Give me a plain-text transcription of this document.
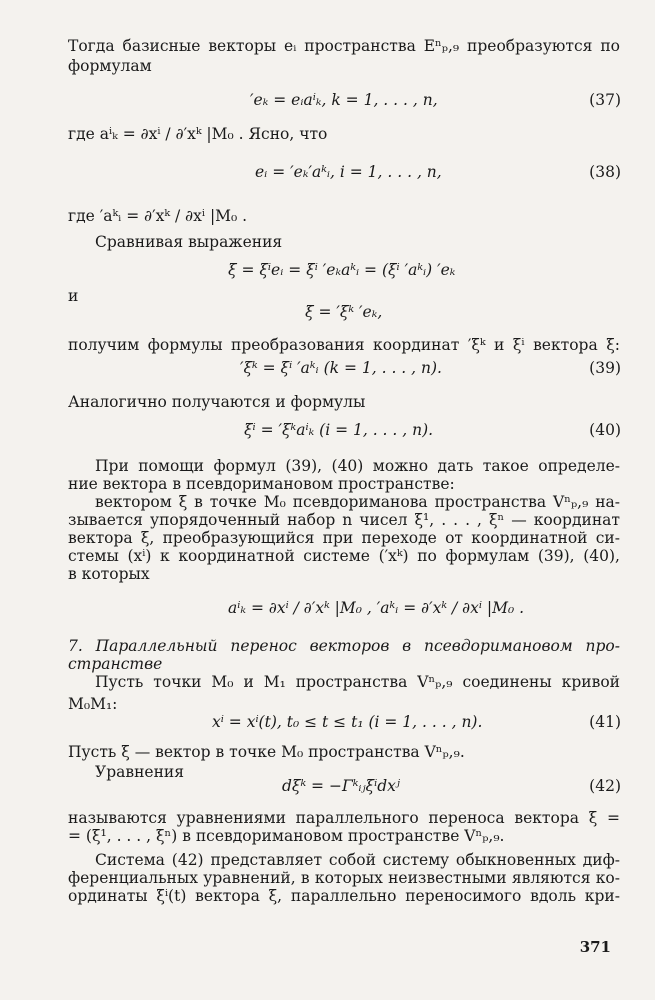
Тогда базисные векторы eᵢ пространства Eⁿₚ,₉ преобразуются по
формулам
′eₖ = eᵢaⁱₖ, k = 1, . . . , n,	(37)
где aⁱₖ = ∂xⁱ / ∂′xᵏ |M₀ . Ясно, что
eᵢ = ′eₖ′aᵏᵢ, i = 1, . . . , n,	(38)
где ′aᵏᵢ = ∂′xᵏ / ∂xⁱ |M₀ .
Сравнивая выражения
ξ = ξⁱeᵢ = ξⁱ ′eₖaᵏᵢ = (ξⁱ ′aᵏᵢ) ′eₖ
и
ξ = ′ξᵏ ′eₖ,
получим формулы преобразования координат ′ξᵏ и ξⁱ вектора ξ:
′ξᵏ = ξⁱ ′aᵏᵢ (k = 1, . . . , n).	(39)
Аналогично получаются и формулы
ξⁱ = ′ξᵏaⁱₖ (i = 1, . . . , n).	(40)
При помощи формул (39), (40) можно дать такое определе-
ние вектора в псевдоримановом пространстве:
вектором ξ в точке M₀ псевдориманова пространства Vⁿₚ,₉ на-
зывается упорядоченный набор n чисел ξ¹, . . . , ξⁿ — координат
вектора ξ, преобразующийся при переходе от координатной си-
стемы (xⁱ) к координатной системе (′xᵏ) по формулам (39), (40),
в которых
aⁱₖ = ∂xⁱ / ∂′xᵏ |M₀ , ′aᵏᵢ = ∂′xᵏ / ∂xⁱ |M₀ .
7. Параллельный перенос векторов в псевдоримановом про-
странстве
Пусть точки M₀ и M₁ пространства Vⁿₚ,₉ соединены кривой
M₀M₁:
xⁱ = xⁱ(t), t₀ ≤ t ≤ t₁ (i = 1, . . . , n).	(41)
Пусть ξ — вектор в точке M₀ пространства Vⁿₚ,₉.
Уравнения
dξᵏ = −Γᵏᵢⱼξⁱdxʲ	(42)
называются уравнениями параллельного переноса вектора ξ =
= (ξ¹, . . . , ξⁿ) в псевдоримановом пространстве Vⁿₚ,₉.
Система (42) представляет собой системy обыкновенных диф-
ференциальных уравнений, в которых неизвестными являются ко-
ординаты ξⁱ(t) вектора ξ, параллельно переносимого вдоль кри-
371
